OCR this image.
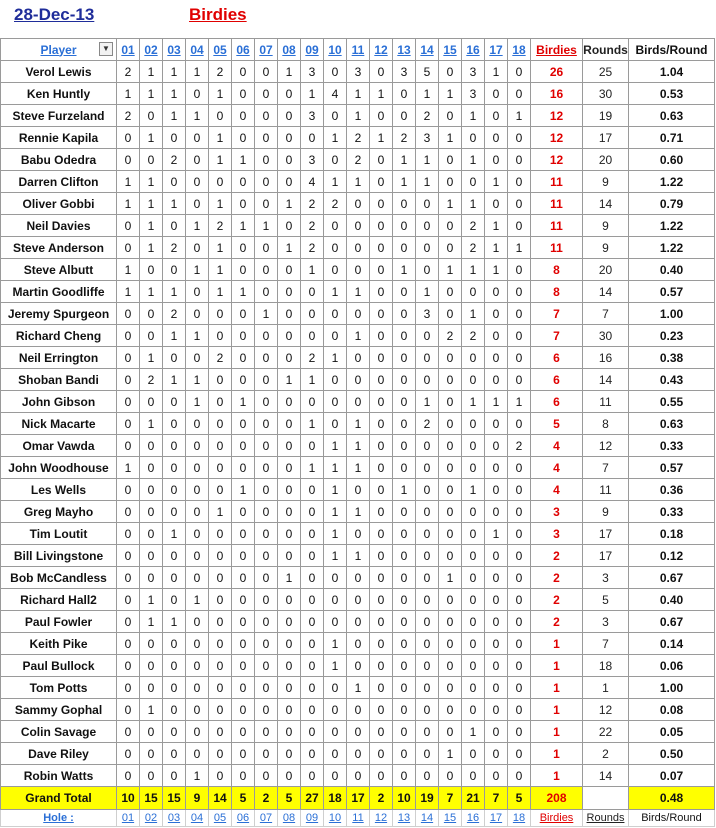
28-Dec-13	Birdies
Player ▼	01	02	03	04	05	06	07	08	09	10	11	12	13	14	15	16	17	18	Birdies	Rounds	Birds/Round
Verol Lewis	2	1	1	1	2	0	0	1	3	0	3	0	3	5	0	3	1	0	26	25	1.04
Ken Huntly	1	1	1	0	1	0	0	0	1	4	1	1	0	1	1	3	0	0	16	30	0.53
Steve Furzeland	2	0	1	1	0	0	0	0	3	0	1	0	0	2	0	1	0	1	12	19	0.63
Rennie Kapila	0	1	0	0	1	0	0	0	0	1	2	1	2	3	1	0	0	0	12	17	0.71
Babu Odedra	0	0	2	0	1	1	0	0	3	0	2	0	1	1	0	1	0	0	12	20	0.60
Darren Clifton	1	1	0	0	0	0	0	0	4	1	1	0	1	1	0	0	1	0	11	9	1.22
Oliver Gobbi	1	1	1	0	1	0	0	1	2	2	0	0	0	0	1	1	0	0	11	14	0.79
Neil Davies	0	1	0	1	2	1	1	0	2	0	0	0	0	0	0	2	1	0	11	9	1.22
Steve Anderson	0	1	2	0	1	0	0	1	2	0	0	0	0	0	0	2	1	1	11	9	1.22
Steve Albutt	1	0	0	1	1	0	0	0	1	0	0	0	1	0	1	1	1	0	8	20	0.40
Martin Goodliffe	1	1	1	0	1	1	0	0	0	1	1	0	0	1	0	0	0	0	8	14	0.57
Jeremy Spurgeon	0	0	2	0	0	0	1	0	0	0	0	0	0	3	0	1	0	0	7	7	1.00
Richard Cheng	0	0	1	1	0	0	0	0	0	0	1	0	0	0	2	2	0	0	7	30	0.23
Neil Errington	0	1	0	0	2	0	0	0	2	1	0	0	0	0	0	0	0	0	6	16	0.38
Shoban Bandi	0	2	1	1	0	0	0	1	1	0	0	0	0	0	0	0	0	0	6	14	0.43
John Gibson	0	0	0	1	0	1	0	0	0	0	0	0	0	1	0	1	1	1	6	11	0.55
Nick Macarte	0	1	0	0	0	0	0	0	1	0	1	0	0	2	0	0	0	0	5	8	0.63
Omar Vawda	0	0	0	0	0	0	0	0	0	1	1	0	0	0	0	0	0	2	4	12	0.33
John Woodhouse	1	0	0	0	0	0	0	0	1	1	1	0	0	0	0	0	0	0	4	7	0.57
Les Wells	0	0	0	0	0	1	0	0	0	1	0	0	1	0	0	1	0	0	4	11	0.36
Greg Mayho	0	0	0	0	1	0	0	0	0	1	1	0	0	0	0	0	0	0	3	9	0.33
Tim Loutit	0	0	1	0	0	0	0	0	0	1	0	0	0	0	0	0	1	0	3	17	0.18
Bill Livingstone	0	0	0	0	0	0	0	0	0	1	1	0	0	0	0	0	0	0	2	17	0.12
Bob McCandless	0	0	0	0	0	0	0	1	0	0	0	0	0	0	1	0	0	0	2	3	0.67
Richard Hall2	0	1	0	1	0	0	0	0	0	0	0	0	0	0	0	0	0	0	2	5	0.40
Paul Fowler	0	1	1	0	0	0	0	0	0	0	0	0	0	0	0	0	0	0	2	3	0.67
Keith Pike	0	0	0	0	0	0	0	0	0	1	0	0	0	0	0	0	0	0	1	7	0.14
Paul Bullock	0	0	0	0	0	0	0	0	0	1	0	0	0	0	0	0	0	0	1	18	0.06
Tom Potts	0	0	0	0	0	0	0	0	0	0	1	0	0	0	0	0	0	0	1	1	1.00
Sammy Gophal	0	1	0	0	0	0	0	0	0	0	0	0	0	0	0	0	0	0	1	12	0.08
Colin Savage	0	0	0	0	0	0	0	0	0	0	0	0	0	0	0	1	0	0	1	22	0.05
Dave Riley	0	0	0	0	0	0	0	0	0	0	0	0	0	0	1	0	0	0	1	2	0.50
Robin Watts	0	0	0	1	0	0	0	0	0	0	0	0	0	0	0	0	0	0	1	14	0.07
Grand Total	10	15	15	9	14	5	2	5	27	18	17	2	10	19	7	21	7	5	208		0.48
Hole :	01	02	03	04	05	06	07	08	09	10	11	12	13	14	15	16	17	18	Birdies	Rounds	Birds/Round
